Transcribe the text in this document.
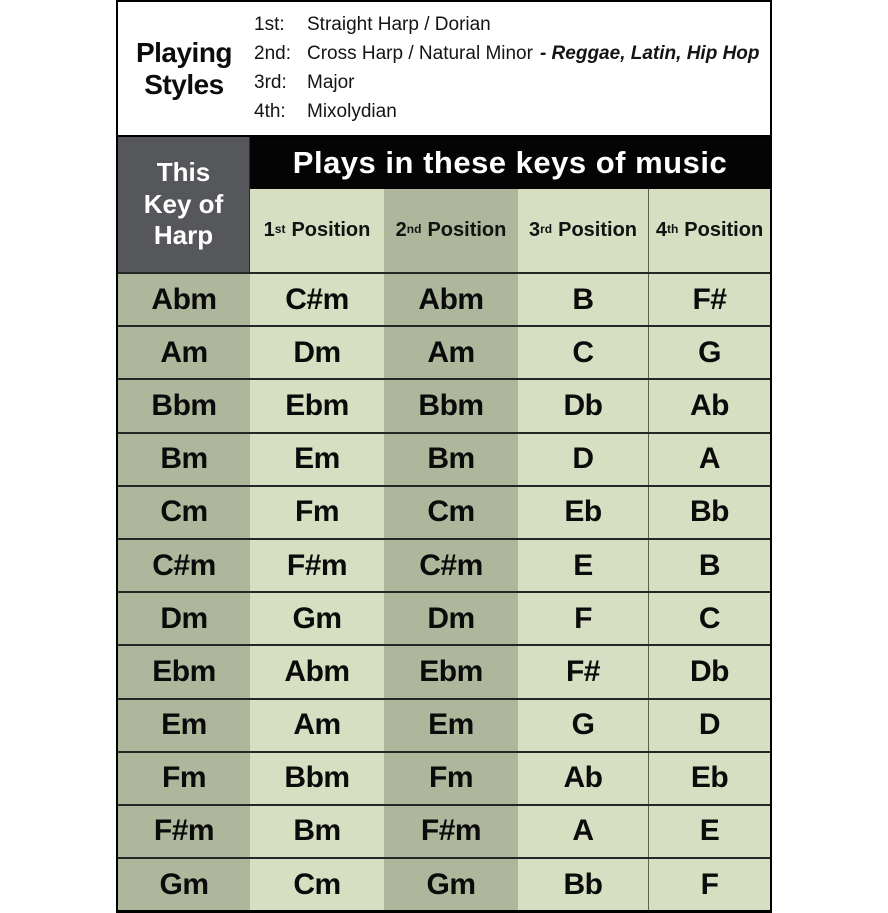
Playing
Styles
1st:	Straight Harp / Dorian
2nd: Cross Harp / Natural Minor - Reggae, Latin, Hip Hop
3rd:	Major
4th:	Mixolydian
This
Key of
Harp
Plays in these keys of music
1st Position 2nd Position 3rd Position 4th Position
Abm	C#m	Abm	B	F#
Am	Dm	Am	C	G
Bbm	Ebm	Bbm	Db	Ab
Bm	Em	Bm	D	A
Cm	Fm	Cm	Eb	Bb
C#m	F#m	C#m	E	B
Dm	Gm	Dm	F	C
Ebm	Abm	Ebm	F#	Db
Em	Am	Em	G	D
Fm	Bbm	Fm	Ab	Eb
F#m	Bm	F#m	A	E
Gm	Cm	Gm	Bb	F
